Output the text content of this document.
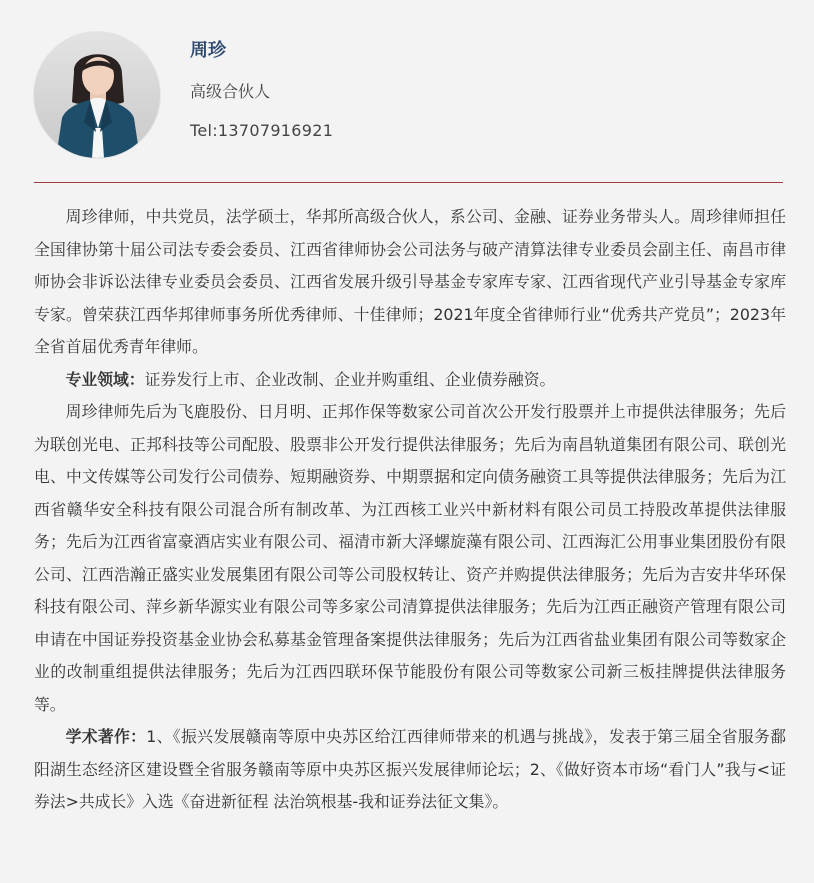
周珍
高级合伙人
Tel:13707916921

周珍律师，中共党员，法学硕士，华邦所高级合伙人，系公司、金融、证券业务带头人。周珍律师担任全国律协第十届公司法专委会委员、江西省律师协会公司法务与破产清算法律专业委员会副主任、南昌市律师协会非诉讼法律专业委员会委员、江西省发展升级引导基金专家库专家、江西省现代产业引导基金专家库专家。曾荣获江西华邦律师事务所优秀律师、十佳律师；2021年度全省律师行业“优秀共产党员”；2023年全省首届优秀青年律师。

专业领域：证券发行上市、企业改制、企业并购重组、企业债券融资。

周珍律师先后为飞鹿股份、日月明、正邦作保等数家公司首次公开发行股票并上市提供法律服务；先后为联创光电、正邦科技等公司配股、股票非公开发行提供法律服务；先后为南昌轨道集团有限公司、联创光电、中文传媒等公司发行公司债券、短期融资券、中期票据和定向债务融资工具等提供法律服务；先后为江西省赣华安全科技有限公司混合所有制改革、为江西核工业兴中新材料有限公司员工持股改革提供法律服务；先后为江西省富豪酒店实业有限公司、福清市新大泽螺旋藻有限公司、江西海汇公用事业集团股份有限公司、江西浩瀚正盛实业发展集团有限公司等公司股权转让、资产并购提供法律服务；先后为吉安井华环保科技有限公司、萍乡新华源实业有限公司等多家公司清算提供法律服务；先后为江西正融资产管理有限公司申请在中国证券投资基金业协会私募基金管理备案提供法律服务；先后为江西省盐业集团有限公司等数家企业的改制重组提供法律服务；先后为江西四联环保节能股份有限公司等数家公司新三板挂牌提供法律服务等。

学术著作：1、《振兴发展赣南等原中央苏区给江西律师带来的机遇与挑战》，发表于第三届全省服务鄱阳湖生态经济区建设暨全省服务赣南等原中央苏区振兴发展律师论坛；2、《做好资本市场“看门人”我与<证券法>共成长》入选《奋进新征程 法治筑根基-我和证券法征文集》。
